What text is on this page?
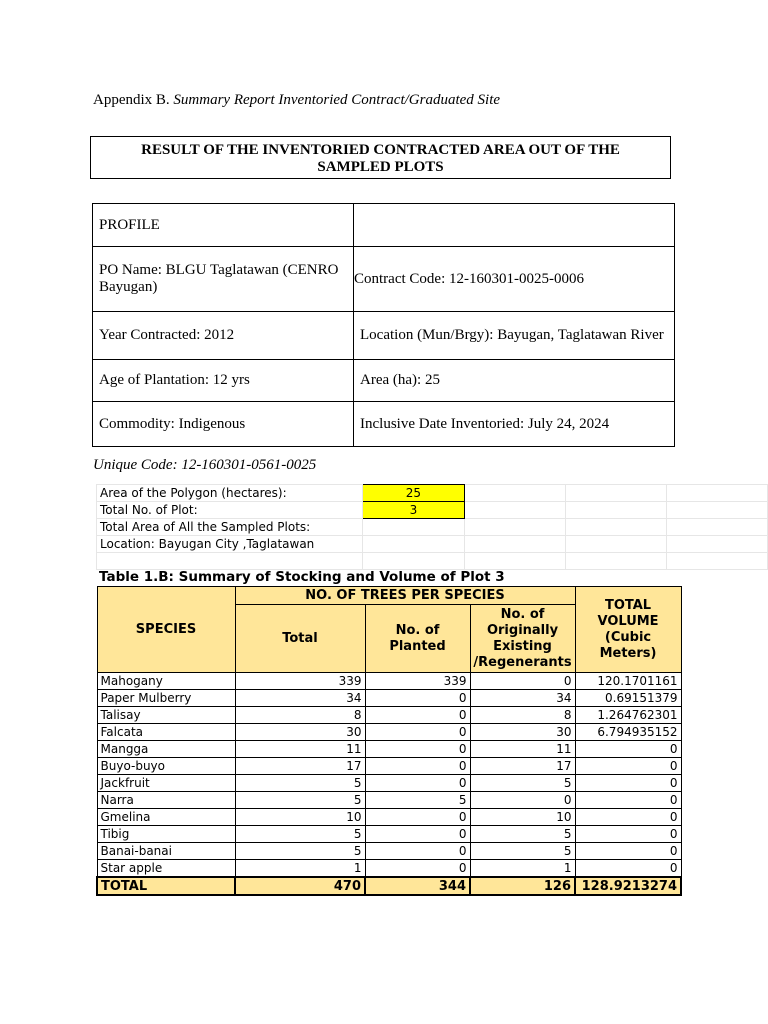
Appendix B. Summary Report Inventoried Contract/Graduated Site
RESULT OF THE INVENTORIED CONTRACTED AREA OUT OF THE
SAMPLED PLOTS
PROFILE	
PO Name: BLGU Taglatawan (CENRO Bayugan)	Contract Code: 12-160301-0025-0006
Year Contracted: 2012	Location (Mun/Brgy): Bayugan, Taglatawan River
Age of Plantation: 12 yrs	Area (ha): 25
Commodity: Indigenous	Inclusive Date Inventoried: July 24, 2024
Unique Code: 12-160301-0561-0025
Area of the Polygon (hectares):	25			
Total No. of Plot:	3			
Total Area of All the Sampled Plots:				
Location: Bayugan City ,Taglatawan				

Table 1.B: Summary of Stocking and Volume of Plot 3
SPECIES	NO. OF TREES PER SPECIES			TOTAL VOLUME (Cubic Meters)
	Total	No. of Planted	No. of Originally Existing /Regenerants	
Mahogany	339	339	0	120.1701161
Paper Mulberry	34	0	34	0.69151379
Talisay	8	0	8	1.264762301
Falcata	30	0	30	6.794935152
Mangga	11	0	11	0
Buyo-buyo	17	0	17	0
Jackfruit	5	0	5	0
Narra	5	5	0	0
Gmelina	10	0	10	0
Tibig	5	0	5	0
Banai-banai	5	0	5	0
Star apple	1	0	1	0
TOTAL	470	344	126	128.9213274
